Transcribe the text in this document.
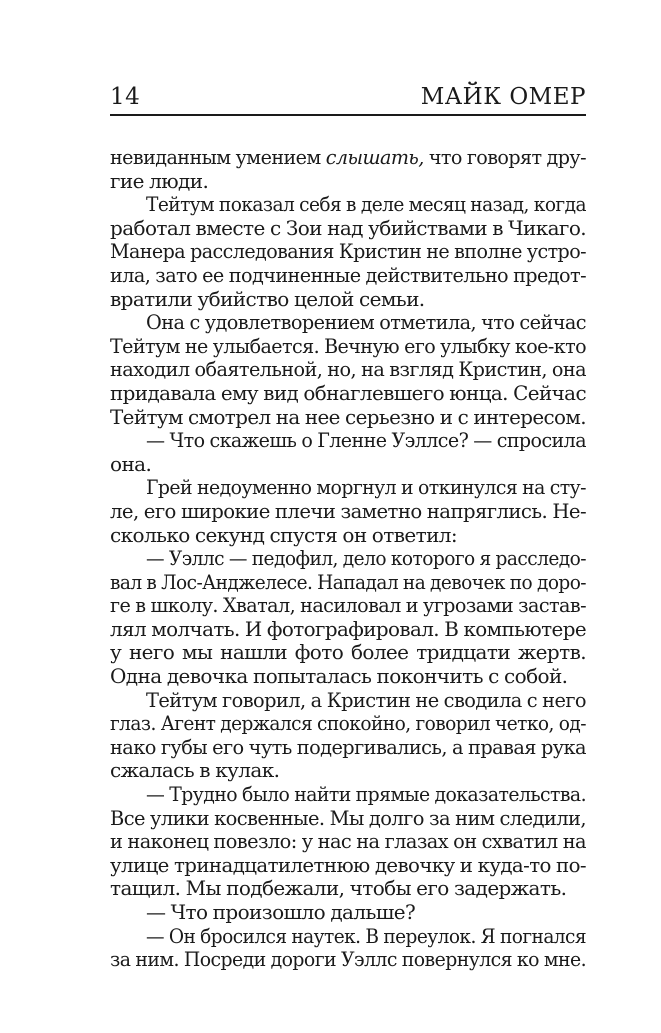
14	МАЙК ОМЕР
невиданным умением слышать, что говорят дру-
гие люди.
Тейтум показал себя в деле месяц назад, когда
работал вместе с Зои над убийствами в Чикаго.
Манера расследования Кристин не вполне устро-
ила, зато ее подчиненные действительно предот-
вратили убийство целой семьи.
Она с удовлетворением отметила, что сейчас
Тейтум не улыбается. Вечную его улыбку кое-кто
находил обаятельной, но, на взгляд Кристин, она
придавала ему вид обнаглевшего юнца. Сейчас
Тейтум смотрел на нее серьезно и с интересом.
— Что скажешь о Гленне Уэллсе? — спросила
она.
Грей недоуменно моргнул и откинулся на сту-
ле, его широкие плечи заметно напряглись. Не-
сколько секунд спустя он ответил:
— Уэллс — педофил, дело которого я расследо-
вал в Лос-Анджелесе. Нападал на девочек по доро-
ге в школу. Хватал, насиловал и угрозами застав-
лял молчать. И фотографировал. В компьютере
у него мы нашли фото более тридцати жертв.
Одна девочка попыталась покончить с собой.
Тейтум говорил, а Кристин не сводила с него
глаз. Агент держался спокойно, говорил четко, од-
нако губы его чуть подергивались, а правая рука
сжалась в кулак.
— Трудно было найти прямые доказательства.
Все улики косвенные. Мы долго за ним следили,
и наконец повезло: у нас на глазах он схватил на
улице тринадцатилетнюю девочку и куда-то по-
тащил. Мы подбежали, чтобы его задержать.
— Что произошло дальше?
— Он бросился наутек. В переулок. Я погнался
за ним. Посреди дороги Уэллс повернулся ко мне.
